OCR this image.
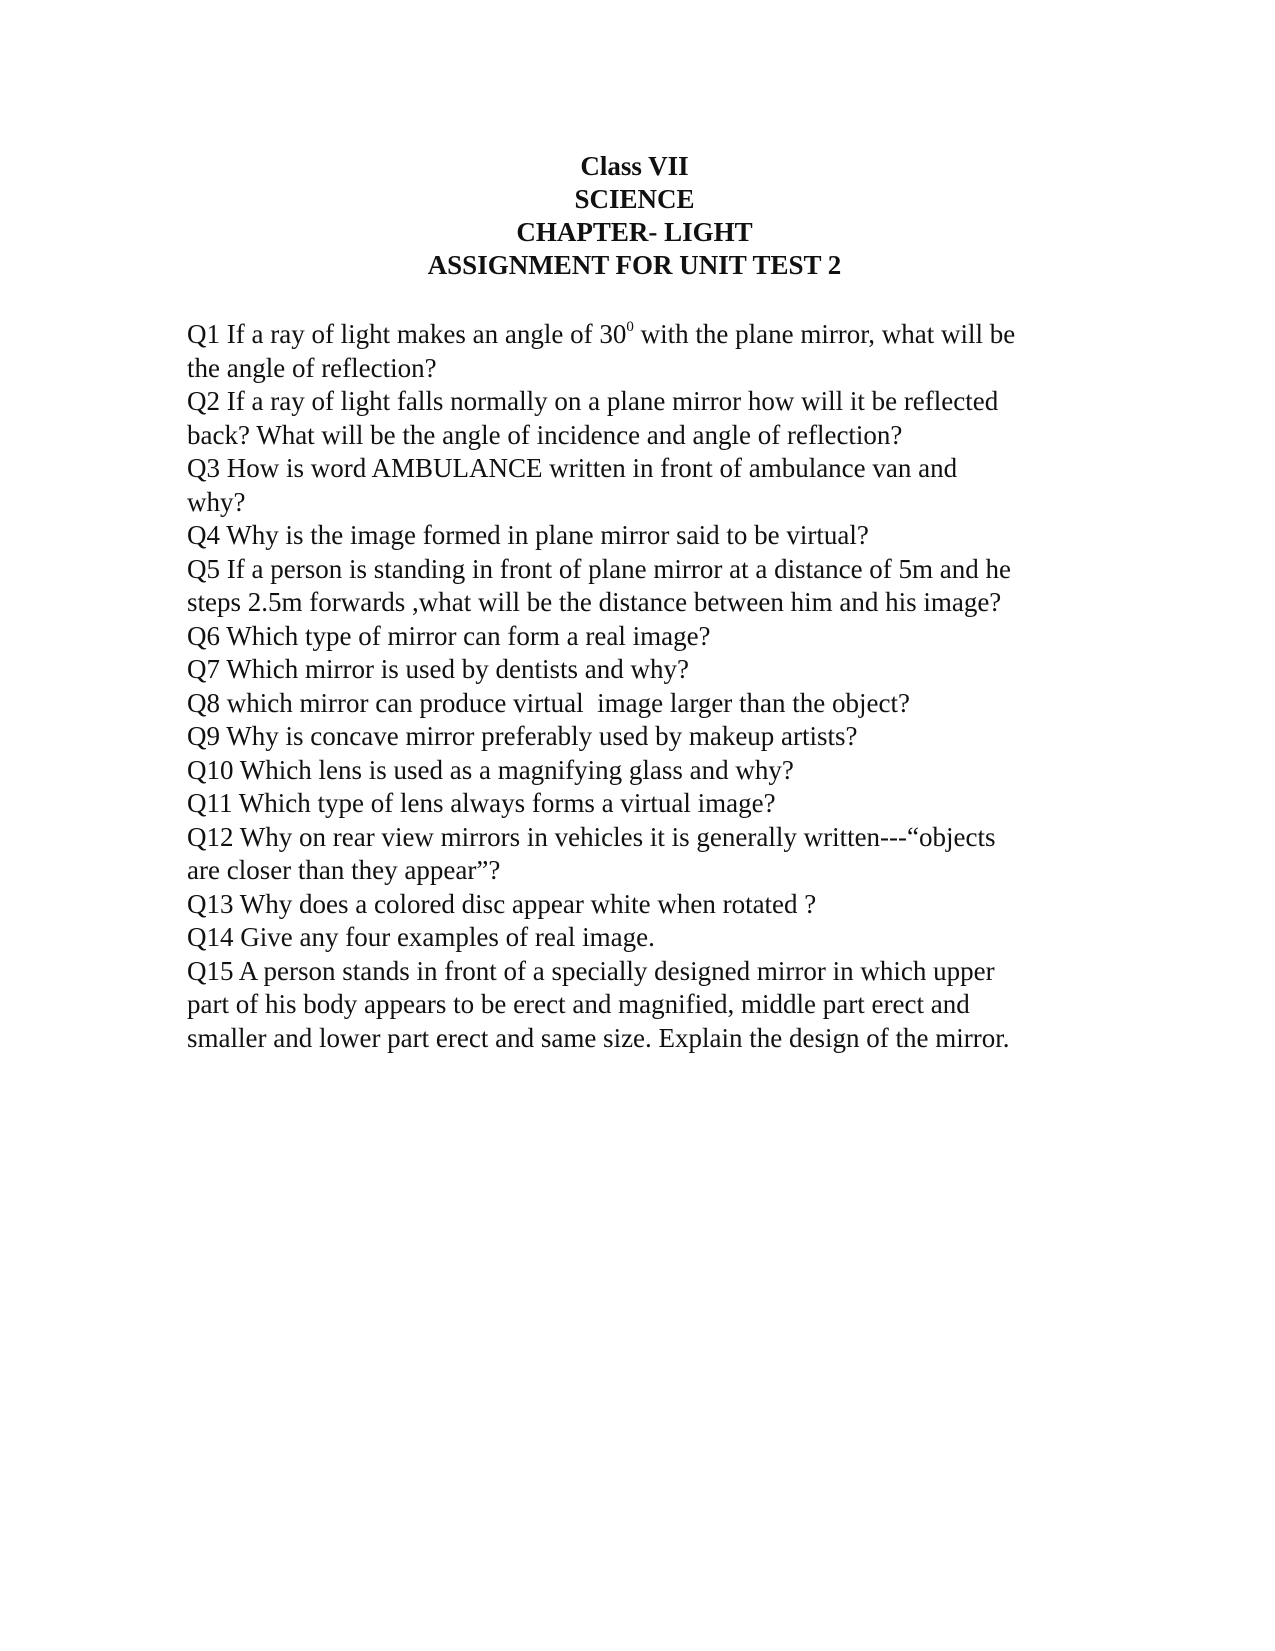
Class VII
SCIENCE
CHAPTER- LIGHT
ASSIGNMENT FOR UNIT TEST 2
Q1 If a ray of light makes an angle of $30^0$ with the plane mirror, what will be
the angle of reflection?
Q2 If a ray of light falls normally on a plane mirror how will it be reflected
back? What will be the angle of incidence and angle of reflection?
Q3 How is word AMBULANCE written in front of ambulance van and
why?
Q4 Why is the image formed in plane mirror said to be virtual?
Q5 If a person is standing in front of plane mirror at a distance of 5m and he
steps 2.5m forwards ,what will be the distance between him and his image?
Q6 Which type of mirror can form a real image?
Q7 Which mirror is used by dentists and why?
Q8 which mirror can produce virtual  image larger than the object?
Q9 Why is concave mirror preferably used by makeup artists?
Q10 Which lens is used as a magnifying glass and why?
Q11 Which type of lens always forms a virtual image?
Q12 Why on rear view mirrors in vehicles it is generally written---“objects
are closer than they appear”?
Q13 Why does a colored disc appear white when rotated ?
Q14 Give any four examples of real image.
Q15 A person stands in front of a specially designed mirror in which upper
part of his body appears to be erect and magnified, middle part erect and
smaller and lower part erect and same size. Explain the design of the mirror.
